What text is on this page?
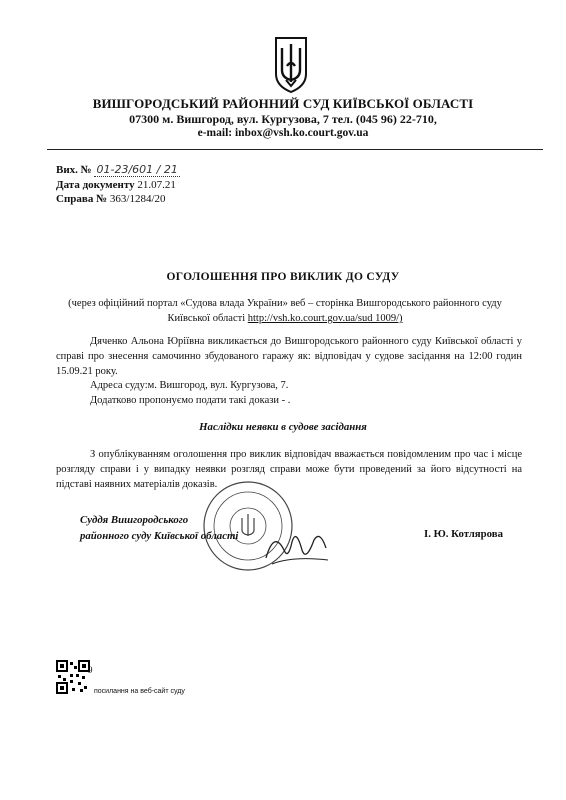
ВИШГОРОДСЬКИЙ РАЙОННИЙ СУД КИЇВСЬКОЇ ОБЛАСТІ
07300 м. Вишгород, вул. Кургузова, 7 тел. (045 96) 22-710,
e-mail: inbox@vsh.ko.court.gov.ua
Вих. № 01-23/601 / 21
Дата документу 21.07.21
Справа № 363/1284/20
ОГОЛОШЕННЯ ПРО ВИКЛИК ДО СУДУ
(через офіційний портал «Судова влада України» веб – сторінка Вишгородського районного суду Київської області http://vsh.ko.court.gov.ua/sud 1009/)
Дяченко Альона Юріївна викликається до Вишгородського районного суду Київської області у справі про знесення самочинно збудованого гаражу як: відповідач у судове засідання на 12:00 годин 15.09.21 року.
Адреса суду:м. Вишгород, вул. Кургузова, 7.
Додатково пропонуємо подати такі докази - .
Наслідки неявки в судове засідання
З опублікуванням оголошення про виклик відповідач вважається повідомленим про час і місце розгляду справи і у випадку неявки розгляд справи може бути проведений за його відсутності на підставі наявних матеріалів доказів.
Суддя Вишгородського
районного суду Київської області	І. Ю. Котлярова
9
посилання на веб-сайт суду
